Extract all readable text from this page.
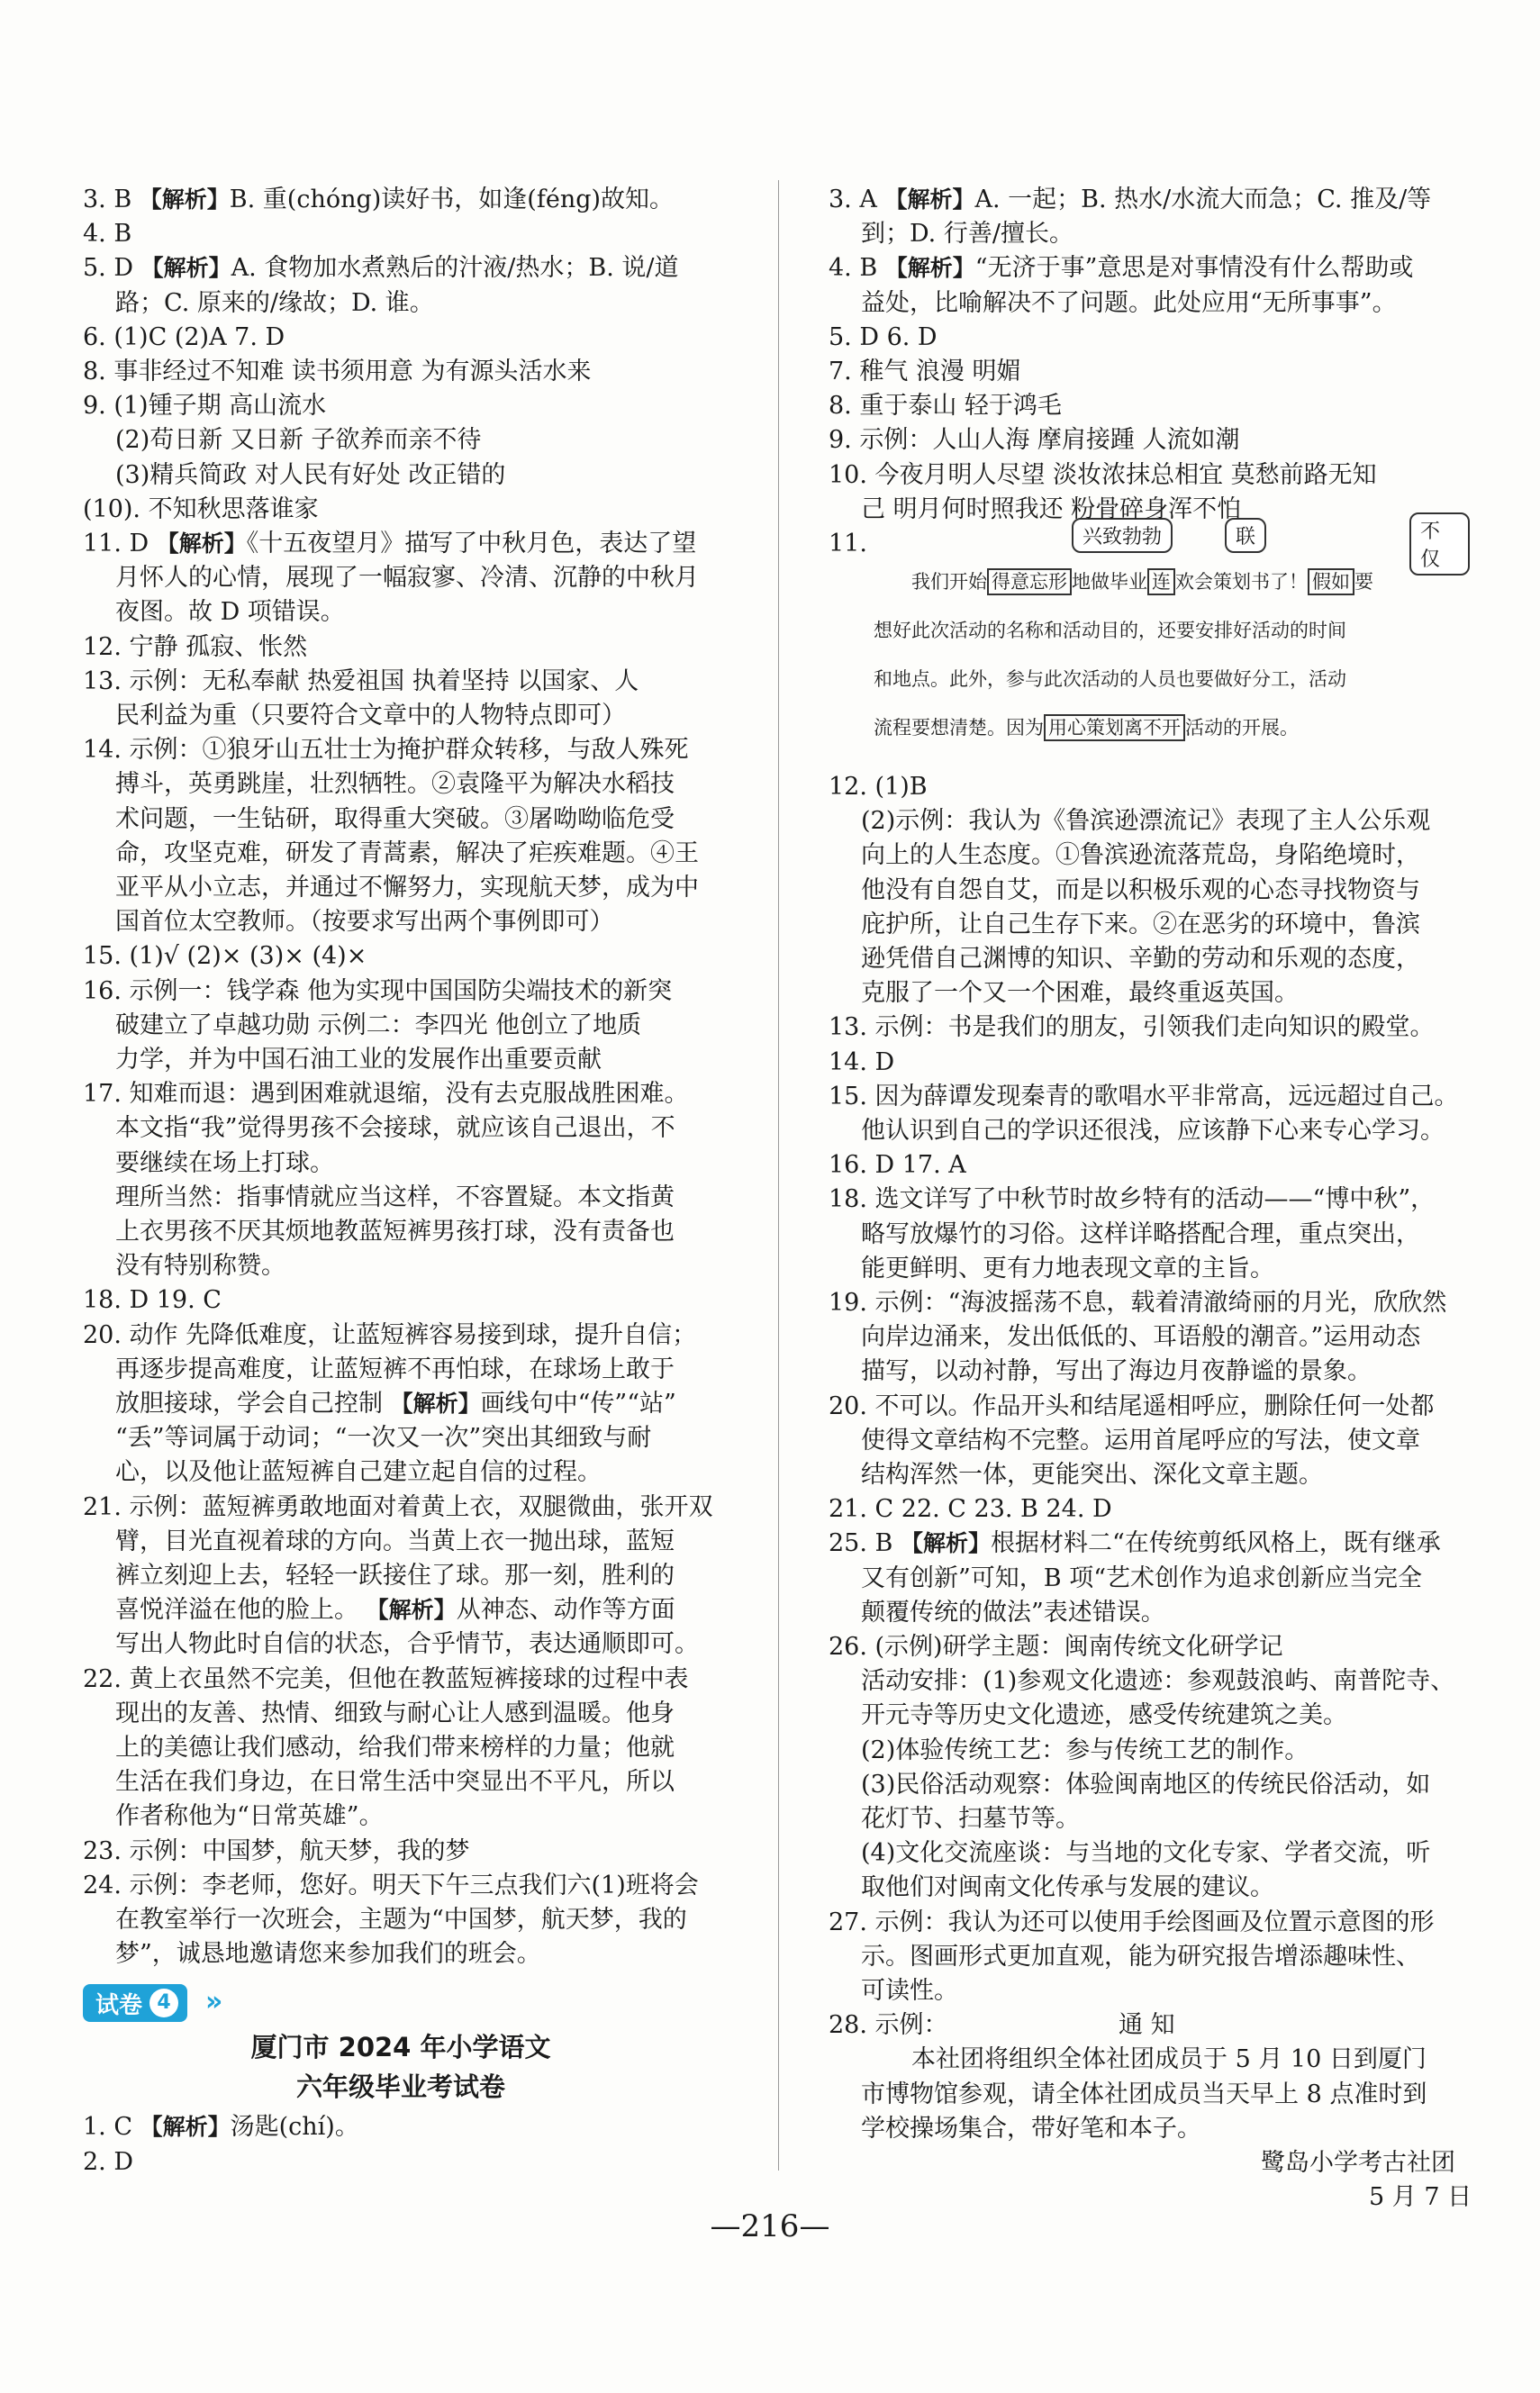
3. B 【解析】B. 重(chóng)读好书，如逢(féng)故知。
4. B
5. D 【解析】A. 食物加水煮熟后的汁液/热水；B. 说/道
路；C. 原来的/缘故；D. 谁。
6. (1)C (2)A 7. D
8. 事非经过不知难 读书须用意 为有源头活水来
9. (1)锺子期 高山流水
(2)苟日新 又日新 子欲养而亲不待
(3)精兵简政 对人民有好处 改正错的
(10). 不知秋思落谁家
11. D 【解析】《十五夜望月》描写了中秋月色，表达了望
月怀人的心情，展现了一幅寂寥、冷清、沉静的中秋月
夜图。故 D 项错误。
12. 宁静 孤寂、怅然
13. 示例：无私奉献 热爱祖国 执着坚持 以国家、人
民利益为重（只要符合文章中的人物特点即可）
14. 示例：①狼牙山五壮士为掩护群众转移，与敌人殊死
搏斗，英勇跳崖，壮烈牺牲。②袁隆平为解决水稻技
术问题，一生钻研，取得重大突破。③屠呦呦临危受
命，攻坚克难，研发了青蒿素，解决了疟疾难题。④王
亚平从小立志，并通过不懈努力，实现航天梦，成为中
国首位太空教师。（按要求写出两个事例即可）
15. (1)√ (2)× (3)× (4)×
16. 示例一：钱学森 他为实现中国国防尖端技术的新突
破建立了卓越功勋 示例二：李四光 他创立了地质
力学，并为中国石油工业的发展作出重要贡献
17. 知难而退：遇到困难就退缩，没有去克服战胜困难。
本文指“我”觉得男孩不会接球，就应该自己退出，不
要继续在场上打球。
理所当然：指事情就应当这样，不容置疑。本文指黄
上衣男孩不厌其烦地教蓝短裤男孩打球，没有责备也
没有特别称赞。
18. D 19. C
20. 动作 先降低难度，让蓝短裤容易接到球，提升自信；
再逐步提高难度，让蓝短裤不再怕球，在球场上敢于
放胆接球，学会自己控制 【解析】画线句中“传”“站”
“丢”等词属于动词；“一次又一次”突出其细致与耐
心，以及他让蓝短裤自己建立起自信的过程。
21. 示例：蓝短裤勇敢地面对着黄上衣，双腿微曲，张开双
臂，目光直视着球的方向。当黄上衣一抛出球，蓝短
裤立刻迎上去，轻轻一跃接住了球。那一刻，胜利的
喜悦洋溢在他的脸上。 【解析】从神态、动作等方面
写出人物此时自信的状态，合乎情节，表达通顺即可。
22. 黄上衣虽然不完美，但他在教蓝短裤接球的过程中表
现出的友善、热情、细致与耐心让人感到温暖。他身
上的美德让我们感动，给我们带来榜样的力量；他就
生活在我们身边，在日常生活中突显出不平凡，所以
作者称他为“日常英雄”。
23. 示例：中国梦，航天梦，我的梦
24. 示例：李老师，您好。明天下午三点我们六(1)班将会
在教室举行一次班会，主题为“中国梦，航天梦，我的
梦”，诚恳地邀请您来参加我们的班会。
试卷 4 »
厦门市 2024 年小学语文
六年级毕业考试卷
1. C 【解析】汤匙(chí)。
2. D
兴致勃勃	联	不仅
我们开始 得意忘形 地做毕业 连 欢会策划书了！ 假如 要
想好此次活动的名称和活动目的，还要安排好活动的时间
和地点。此外，参与此次活动的人员也要做好分工，活动
流程要想清楚。因为 用心策划离不开 活动的开展。
3. A 【解析】A. 一起；B. 热水/水流大而急；C. 推及/等
到；D. 行善/擅长。
4. B 【解析】“无济于事”意思是对事情没有什么帮助或
益处，比喻解决不了问题。此处应用“无所事事”。
5. D 6. D
7. 稚气 浪漫 明媚
8. 重于泰山 轻于鸿毛
9. 示例：人山人海 摩肩接踵 人流如潮
10. 今夜月明人尽望 淡妆浓抹总相宜 莫愁前路无知
己 明月何时照我还 粉骨碎身浑不怕
11.
12. (1)B
(2)示例：我认为《鲁滨逊漂流记》表现了主人公乐观
向上的人生态度。①鲁滨逊流落荒岛，身陷绝境时，
他没有自怨自艾，而是以积极乐观的心态寻找物资与
庇护所，让自己生存下来。②在恶劣的环境中，鲁滨
逊凭借自己渊博的知识、辛勤的劳动和乐观的态度，
克服了一个又一个困难，最终重返英国。
13. 示例：书是我们的朋友，引领我们走向知识的殿堂。
14. D
15. 因为薛谭发现秦青的歌唱水平非常高，远远超过自己。
他认识到自己的学识还很浅，应该静下心来专心学习。
16. D 17. A
18. 选文详写了中秋节时故乡特有的活动——“博中秋”，
略写放爆竹的习俗。这样详略搭配合理，重点突出，
能更鲜明、更有力地表现文章的主旨。
19. 示例：“海波摇荡不息，载着清澈绮丽的月光，欣欣然
向岸边涌来，发出低低的、耳语般的潮音。”运用动态
描写，以动衬静，写出了海边月夜静谧的景象。
20. 不可以。作品开头和结尾遥相呼应，删除任何一处都
使得文章结构不完整。运用首尾呼应的写法，使文章
结构浑然一体，更能突出、深化文章主题。
21. C 22. C 23. B 24. D
25. B 【解析】根据材料二“在传统剪纸风格上，既有继承
又有创新”可知，B 项“艺术创作为追求创新应当完全
颠覆传统的做法”表述错误。
26. (示例)研学主题：闽南传统文化研学记
活动安排：(1)参观文化遗迹：参观鼓浪屿、南普陀寺、
开元寺等历史文化遗迹，感受传统建筑之美。
(2)体验传统工艺：参与传统工艺的制作。
(3)民俗活动观察：体验闽南地区的传统民俗活动，如
花灯节、扫墓节等。
(4)文化交流座谈：与当地的文化专家、学者交流，听
取他们对闽南文化传承与发展的建议。
27. 示例：我认为还可以使用手绘图画及位置示意图的形
示。图画形式更加直观，能为研究报告增添趣味性、
可读性。
28. 示例：	通 知
本社团将组织全体社团成员于 5 月 10 日到厦门
市博物馆参观，请全体社团成员当天早上 8 点准时到
学校操场集合，带好笔和本子。
鹭岛小学考古社团
5 月 7 日
—216—
